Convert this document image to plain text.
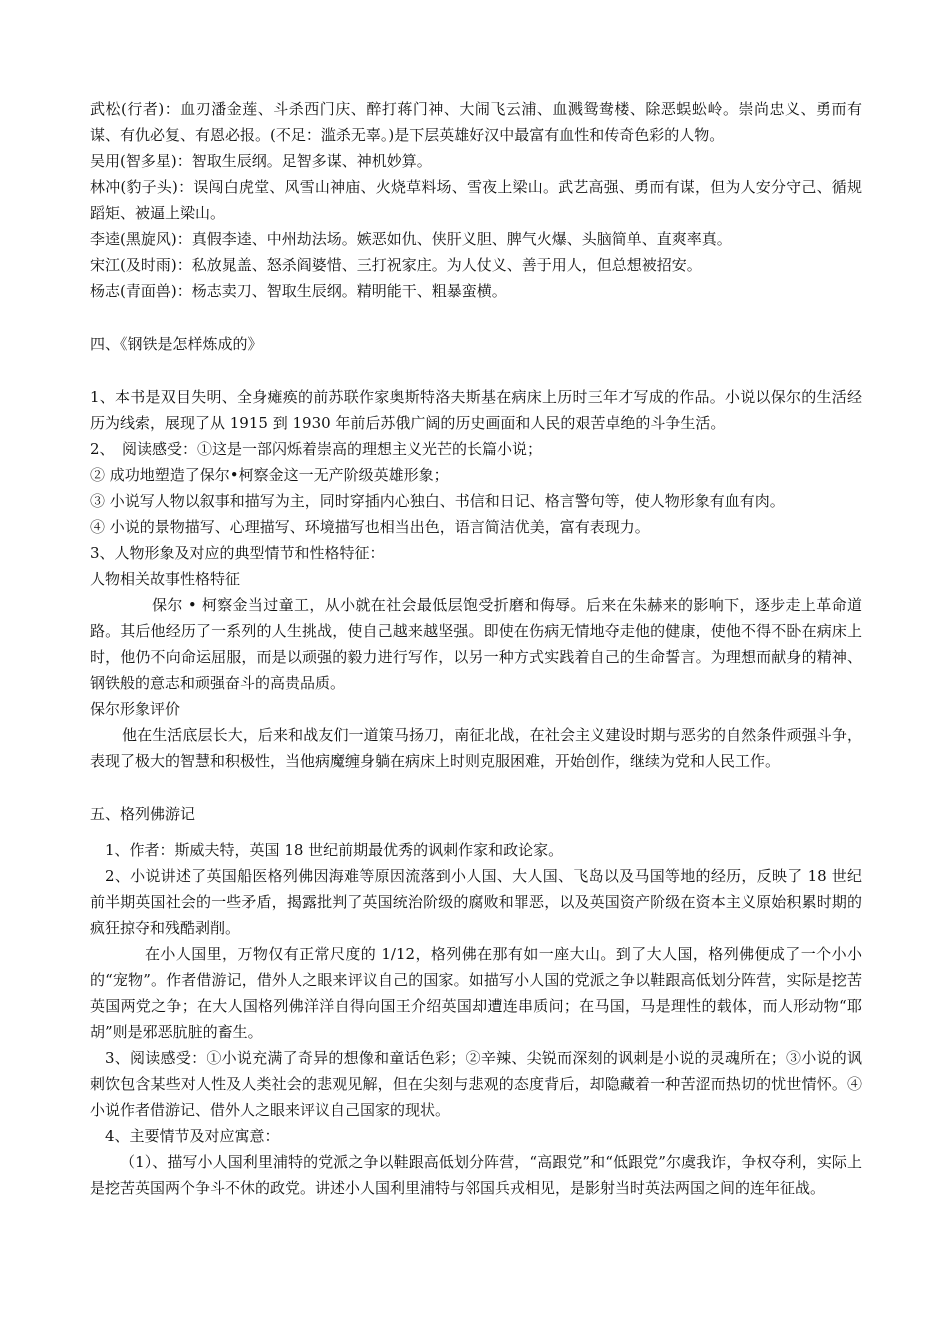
武松(行者)：血刃潘金莲、斗杀西门庆、醉打蒋门神、大闹飞云浦、血溅鸳鸯楼、除恶蜈蚣岭。崇尚忠义、勇而有谋、有仇必复、有恩必报。(不足：滥杀无辜。)是下层英雄好汉中最富有血性和传奇色彩的人物。

吴用(智多星)：智取生辰纲。足智多谋、神机妙算。

林冲(豹子头)：误闯白虎堂、风雪山神庙、火烧草料场、雪夜上梁山。武艺高强、勇而有谋，但为人安分守己、循规蹈矩、被逼上梁山。

李逵(黑旋风)：真假李逵、中州劫法场。嫉恶如仇、侠肝义胆、脾气火爆、头脑简单、直爽率真。

宋江(及时雨)：私放晁盖、怒杀阎婆惜、三打祝家庄。为人仗义、善于用人，但总想被招安。

杨志(青面兽)：杨志卖刀、智取生辰纲。精明能干、粗暴蛮横。

四、《钢铁是怎样炼成的》

1、本书是双目失明、全身瘫痪的前苏联作家奥斯特洛夫斯基在病床上历时三年才写成的作品。小说以保尔的生活经历为线索，展现了从 1915 到 1930 年前后苏俄广阔的历史画面和人民的艰苦卓绝的斗争生活。

2、　阅读感受：①这是一部闪烁着崇高的理想主义光芒的长篇小说；

② 成功地塑造了保尔•柯察金这一无产阶级英雄形象；

③ 小说写人物以叙事和描写为主，同时穿插内心独白、书信和日记、格言警句等，使人物形象有血有肉。

④ 小说的景物描写、心理描写、环境描写也相当出色，语言简洁优美，富有表现力。

3、人物形象及对应的典型情节和性格特征：

人物相关故事性格特征

保尔 • 柯察金当过童工，从小就在社会最低层饱受折磨和侮辱。后来在朱赫来的影响下，逐步走上革命道路。其后他经历了一系列的人生挑战，使自己越来越坚强。即使在伤病无情地夺走他的健康，使他不得不卧在病床上时，他仍不向命运屈服，而是以顽强的毅力进行写作，以另一种方式实践着自己的生命誓言。为理想而献身的精神、钢铁般的意志和顽强奋斗的高贵品质。

保尔形象评价

他在生活底层长大，后来和战友们一道策马扬刀，南征北战，在社会主义建设时期与恶劣的自然条件顽强斗争，表现了极大的智慧和积极性，当他病魔缠身躺在病床上时则克服困难，开始创作，继续为党和人民工作。

五、格列佛游记

1、作者：斯威夫特，英国 18 世纪前期最优秀的讽刺作家和政论家。

2、小说讲述了英国船医格列佛因海难等原因流落到小人国、大人国、飞岛以及马国等地的经历，反映了 18 世纪前半期英国社会的一些矛盾，揭露批判了英国统治阶级的腐败和罪恶，以及英国资产阶级在资本主义原始积累时期的疯狂掠夺和残酷剥削。

在小人国里，万物仅有正常尺度的 1/12，格列佛在那有如一座大山。到了大人国，格列佛便成了一个小小的“宠物”。作者借游记，借外人之眼来评议自己的国家。如描写小人国的党派之争以鞋跟高低划分阵营，实际是挖苦英国两党之争；在大人国格列佛洋洋自得向国王介绍英国却遭连串质问；在马国，马是理性的载体，而人形动物“耶胡”则是邪恶肮脏的畜生。

3、阅读感受：①小说充满了奇异的想像和童话色彩；②辛辣、尖锐而深刻的讽刺是小说的灵魂所在；③小说的讽刺饮包含某些对人性及人类社会的悲观见解，但在尖刻与悲观的态度背后，却隐藏着一种苦涩而热切的忧世情怀。④小说作者借游记、借外人之眼来评议自己国家的现状。

4、主要情节及对应寓意：

（1）、描写小人国利里浦特的党派之争以鞋跟高低划分阵营，“高跟党”和“低跟党”尔虞我诈，争权夺利，实际上是挖苦英国两个争斗不休的政党。讲述小人国利里浦特与邻国兵戎相见，是影射当时英法两国之间的连年征战。
